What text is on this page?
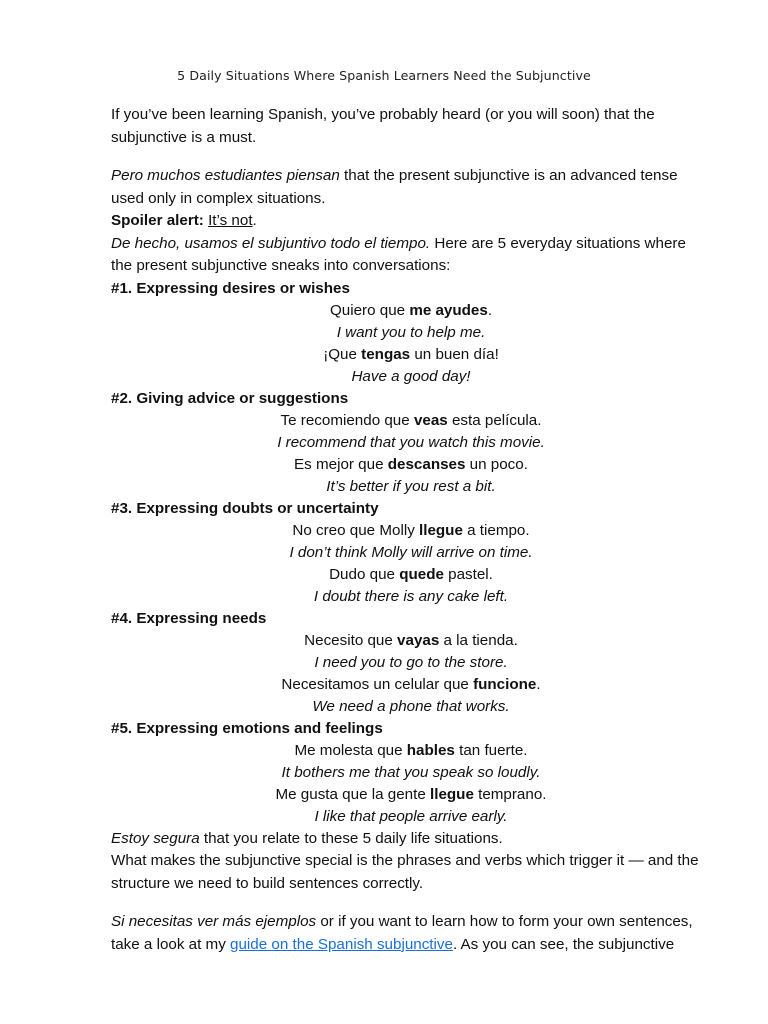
5 Daily Situations Where Spanish Learners Need the Subjunctive

If you’ve been learning Spanish, you’ve probably heard (or you will soon) that the subjunctive is a must.

Pero muchos estudiantes piensan that the present subjunctive is an advanced tense used only in complex situations.

Spoiler alert: It’s not.

De hecho, usamos el subjuntivo todo el tiempo. Here are 5 everyday situations where the present subjunctive sneaks into conversations:

#1. Expressing desires or wishes

Quiero que me ayudes.

I want you to help me.

¡Que tengas un buen día!

Have a good day!

#2. Giving advice or suggestions

Te recomiendo que veas esta película.

I recommend that you watch this movie.

Es mejor que descanses un poco.

It’s better if you rest a bit.

#3. Expressing doubts or uncertainty

No creo que Molly llegue a tiempo.

I don’t think Molly will arrive on time.

Dudo que quede pastel.

I doubt there is any cake left.

#4. Expressing needs

Necesito que vayas a la tienda.

I need you to go to the store.

Necesitamos un celular que funcione.

We need a phone that works.

#5. Expressing emotions and feelings

Me molesta que hables tan fuerte.

It bothers me that you speak so loudly.

Me gusta que la gente llegue temprano.

I like that people arrive early.

Estoy segura that you relate to these 5 daily life situations.

What makes the subjunctive special is the phrases and verbs which trigger it — and the structure we need to build sentences correctly.

Si necesitas ver más ejemplos or if you want to learn how to form your own sentences, take a look at my guide on the Spanish subjunctive. As you can see, the subjunctive
